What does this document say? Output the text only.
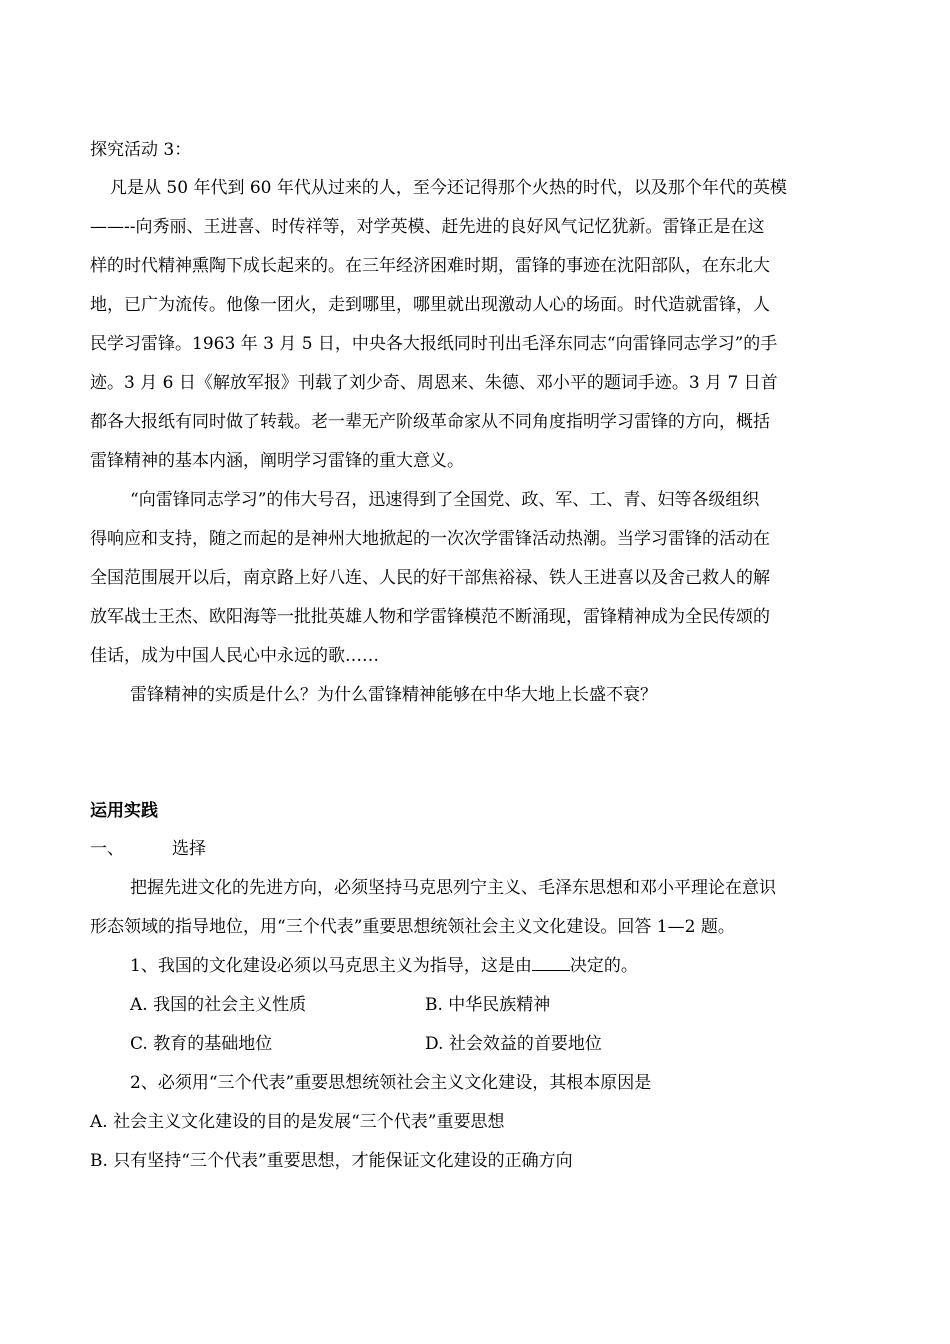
探究活动 3：
凡是从 50 年代到 60 年代从过来的人，至今还记得那个火热的时代，以及那个年代的英模
——--向秀丽、王进喜、时传祥等，对学英模、赶先进的良好风气记忆犹新。雷锋正是在这
样的时代精神熏陶下成长起来的。在三年经济困难时期，雷锋的事迹在沈阳部队，在东北大
地，已广为流传。他像一团火，走到哪里，哪里就出现激动人心的场面。时代造就雷锋，人
民学习雷锋。1963 年 3 月 5 日，中央各大报纸同时刊出毛泽东同志“向雷锋同志学习”的手
迹。3 月 6 日《解放军报》刊载了刘少奇、周恩来、朱德、邓小平的题词手迹。3 月 7 日首
都各大报纸有同时做了转载。老一辈无产阶级革命家从不同角度指明学习雷锋的方向，概括
雷锋精神的基本内涵，阐明学习雷锋的重大意义。
“向雷锋同志学习”的伟大号召，迅速得到了全国党、政、军、工、青、妇等各级组织
得响应和支持，随之而起的是神州大地掀起的一次次学雷锋活动热潮。当学习雷锋的活动在
全国范围展开以后，南京路上好八连、人民的好干部焦裕禄、铁人王进喜以及舍己救人的解
放军战士王杰、欧阳海等一批批英雄人物和学雷锋模范不断涌现，雷锋精神成为全民传颂的
佳话，成为中国人民心中永远的歌……
雷锋精神的实质是什么？为什么雷锋精神能够在中华大地上长盛不衰？
运用实践
一、	选择
把握先进文化的先进方向，必须坚持马克思列宁主义、毛泽东思想和邓小平理论在意识
形态领域的指导地位，用“三个代表”重要思想统领社会主义文化建设。回答 1—2 题。
1、我国的文化建设必须以马克思主义为指导，这是由 决定的。
A. 我国的社会主义性质	B. 中华民族精神
C. 教育的基础地位	D. 社会效益的首要地位
2、必须用“三个代表”重要思想统领社会主义文化建设，其根本原因是
A. 社会主义文化建设的目的是发展“三个代表”重要思想
B. 只有坚持“三个代表”重要思想，才能保证文化建设的正确方向
